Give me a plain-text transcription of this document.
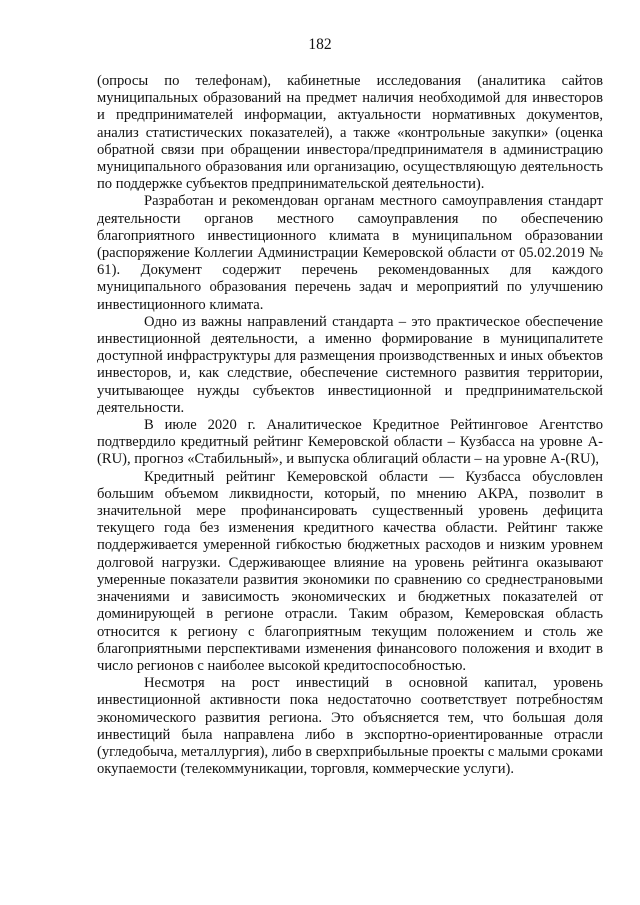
182

(опросы по телефонам), кабинетные исследования (аналитика сайтов муниципальных образований на предмет наличия необходимой для инвесторов и предпринимателей информации, актуальности нормативных документов, анализ статистических показателей), а также «контрольные закупки» (оценка обратной связи при обращении инвестора/предпринимателя в администрацию муниципального образования или организацию, осуществляющую деятельность по поддержке субъектов предпринимательской деятельности).

Разработан и рекомендован органам местного самоуправления стандарт деятельности органов местного самоуправления по обеспечению благоприятного инвестиционного климата в муниципальном образовании (распоряжение Коллегии Администрации Кемеровской области от 05.02.2019 № 61). Документ содержит перечень рекомендованных для каждого муниципального образования перечень задач и мероприятий по улучшению инвестиционного климата.

Одно из важны направлений стандарта – это практическое обеспечение инвестиционной деятельности, а именно формирование в муниципалитете доступной инфраструктуры для размещения производственных и иных объектов инвесторов, и, как следствие, обеспечение системного развития территории, учитывающее нужды субъектов инвестиционной и предпринимательской деятельности.

В июле 2020 г. Аналитическое Кредитное Рейтинговое Агентство подтвердило кредитный рейтинг Кемеровской области – Кузбасса на уровне A-(RU), прогноз «Стабильный», и выпуска облигаций области – на уровне A-(RU),

Кредитный рейтинг Кемеровской области — Кузбасса обусловлен большим объемом ликвидности, который, по мнению АКРА, позволит в значительной мере профинансировать существенный уровень дефицита текущего года без изменения кредитного качества области. Рейтинг также поддерживается умеренной гибкостью бюджетных расходов и низким уровнем долговой нагрузки. Сдерживающее влияние на уровень рейтинга оказывают умеренные показатели развития экономики по сравнению со среднестрановыми значениями и зависимость экономических и бюджетных показателей от доминирующей в регионе отрасли. Таким образом, Кемеровская область относится к региону с благоприятным текущим положением и столь же благоприятными перспективами изменения финансового положения и входит в число регионов с наиболее высокой кредитоспособностью.

Несмотря на рост инвестиций в основной капитал, уровень инвестиционной активности пока недостаточно соответствует потребностям экономического развития региона. Это объясняется тем, что большая доля инвестиций была направлена либо в экспортно-ориентированные отрасли (угледобыча, металлургия), либо в сверхприбыльные проекты с малыми сроками окупаемости (телекоммуникации, торговля, коммерческие услуги).
